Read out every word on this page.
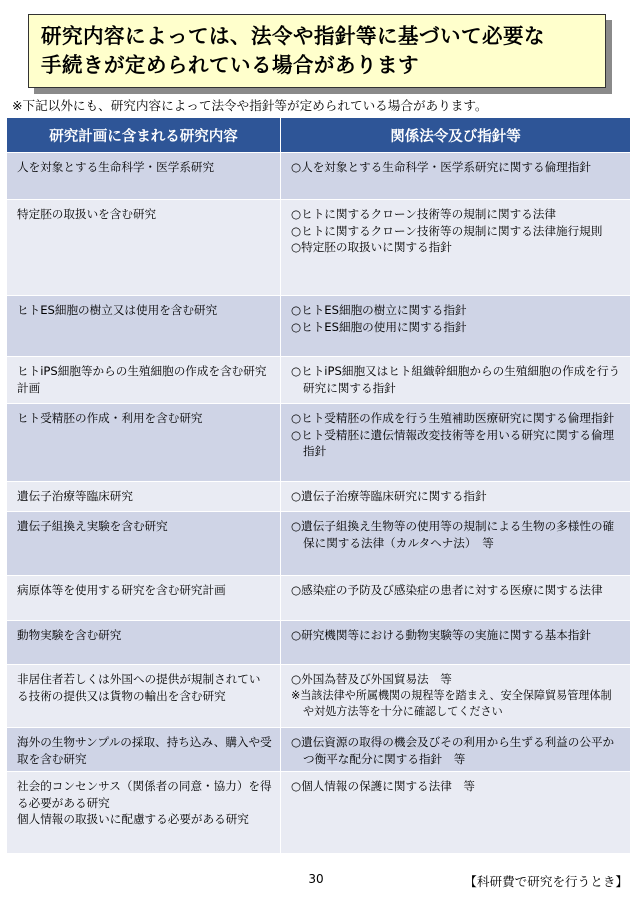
研究内容によっては、法令や指針等に基づいて必要な
手続きが定められている場合があります
※下記以外にも、研究内容によって法令や指針等が定められている場合があります。
研究計画に含まれる研究内容	関係法令及び指針等

人を対象とする生命科学・医学系研究	○人を対象とする生命科学・医学系研究に関する倫理指針

特定胚の取扱いを含む研究	○ヒトに関するクローン技術等の規制に関する法律
○ヒトに関するクローン技術等の規制に関する法律施行規則
○特定胚の取扱いに関する指針

ヒトES細胞の樹立又は使用を含む研究	○ヒトES細胞の樹立に関する指針
○ヒトES細胞の使用に関する指針

ヒトiPS細胞等からの生殖細胞の作成を含む研究計画	○ヒトiPS細胞又はヒト組織幹細胞からの生殖細胞の作成を行う研究に関する指針

ヒト受精胚の作成・利用を含む研究	○ヒト受精胚の作成を行う生殖補助医療研究に関する倫理指針
○ヒト受精胚に遺伝情報改変技術等を用いる研究に関する倫理指針

遺伝子治療等臨床研究	○遺伝子治療等臨床研究に関する指針

遺伝子組換え実験を含む研究	○遺伝子組換え生物等の使用等の規制による生物の多様性の確保に関する法律（カルタヘナ法）　等

病原体等を使用する研究を含む研究計画	○感染症の予防及び感染症の患者に対する医療に関する法律

動物実験を含む研究	○研究機関等における動物実験等の実施に関する基本指針

非居住者若しくは外国への提供が規制されている技術の提供又は貨物の輸出を含む研究	○外国為替及び外国貿易法　等
※当該法律や所属機関の規程等を踏まえ、安全保障貿易管理体制や対処方法等を十分に確認してください

海外の生物サンプルの採取、持ち込み、購入や受取を含む研究	○遺伝資源の取得の機会及びその利用から生ずる利益の公平かつ衡平な配分に関する指針　等

社会的コンセンサス（関係者の同意・協力）を得る必要がある研究
個人情報の取扱いに配慮する必要がある研究	○個人情報の保護に関する法律　等
30	【科研費で研究を行うとき】
